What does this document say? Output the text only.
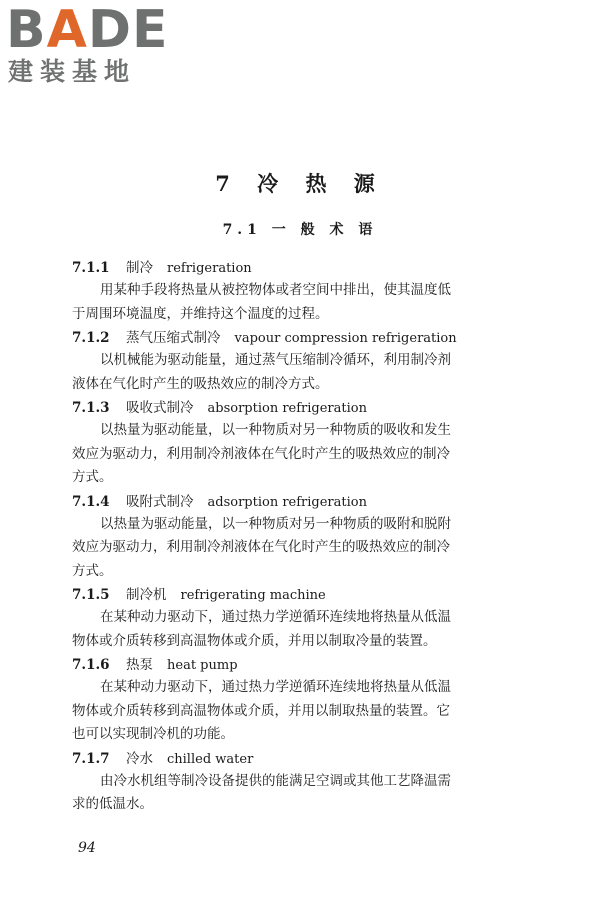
BADE
建装基地
7 冷 热 源
7.1 一 般 术 语
7.1.1 制冷 refrigeration
用某种手段将热量从被控物体或者空间中排出，使其温度低
于周围环境温度，并维持这个温度的过程。
7.1.2 蒸气压缩式制冷 vapour compression refrigeration
以机械能为驱动能量，通过蒸气压缩制冷循环，利用制冷剂
液体在气化时产生的吸热效应的制冷方式。
7.1.3 吸收式制冷 absorption refrigeration
以热量为驱动能量，以一种物质对另一种物质的吸收和发生
效应为驱动力，利用制冷剂液体在气化时产生的吸热效应的制冷
方式。
7.1.4 吸附式制冷 adsorption refrigeration
以热量为驱动能量，以一种物质对另一种物质的吸附和脱附
效应为驱动力，利用制冷剂液体在气化时产生的吸热效应的制冷
方式。
7.1.5 制冷机 refrigerating machine
在某种动力驱动下，通过热力学逆循环连续地将热量从低温
物体或介质转移到高温物体或介质，并用以制取冷量的装置。
7.1.6 热泵 heat pump
在某种动力驱动下，通过热力学逆循环连续地将热量从低温
物体或介质转移到高温物体或介质，并用以制取热量的装置。它
也可以实现制冷机的功能。
7.1.7 冷水 chilled water
由冷水机组等制冷设备提供的能满足空调或其他工艺降温需
求的低温水。
94
